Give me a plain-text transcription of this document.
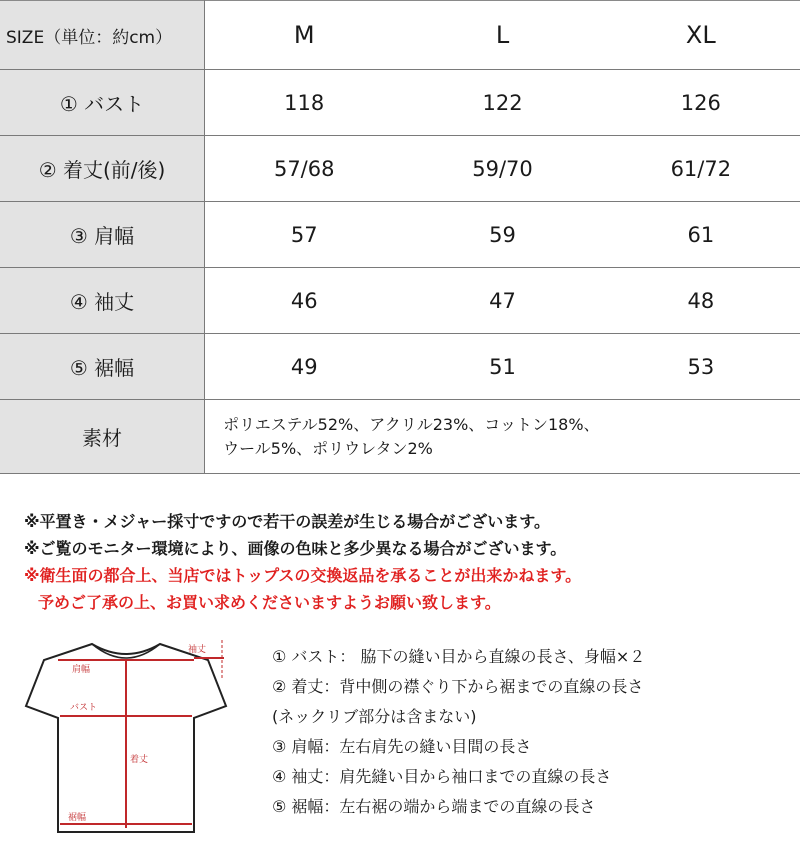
SIZE（単位：約cm）	M	L	XL
① バスト	118	122	126
② 着丈(前/後)	57/68	59/70	61/72
③ 肩幅	57	59	61
④ 袖丈	46	47	48
⑤ 裾幅	49	51	53
素材	ポリエステル52%、アクリル23%、コットン18%、
ウール5%、ポリウレタン2%		
※平置き・メジャー採寸ですので若干の誤差が生じる場合がございます。
※ご覧のモニター環境により、画像の色味と多少異なる場合がございます。
※衛生面の都合上、当店ではトップスの交換返品を承ることが出来かねます。
予めご了承の上、お買い求めくださいますようお願い致します。
袖丈
肩幅
バスト
着丈
裾幅
① バスト： 脇下の縫い目から直線の長さ、身幅×２
② 着丈：背中側の襟ぐり下から裾までの直線の長さ
(ネックリブ部分は含まない)
③ 肩幅：左右肩先の縫い目間の長さ
④ 袖丈：肩先縫い目から袖口までの直線の長さ
⑤ 裾幅：左右裾の端から端までの直線の長さ
